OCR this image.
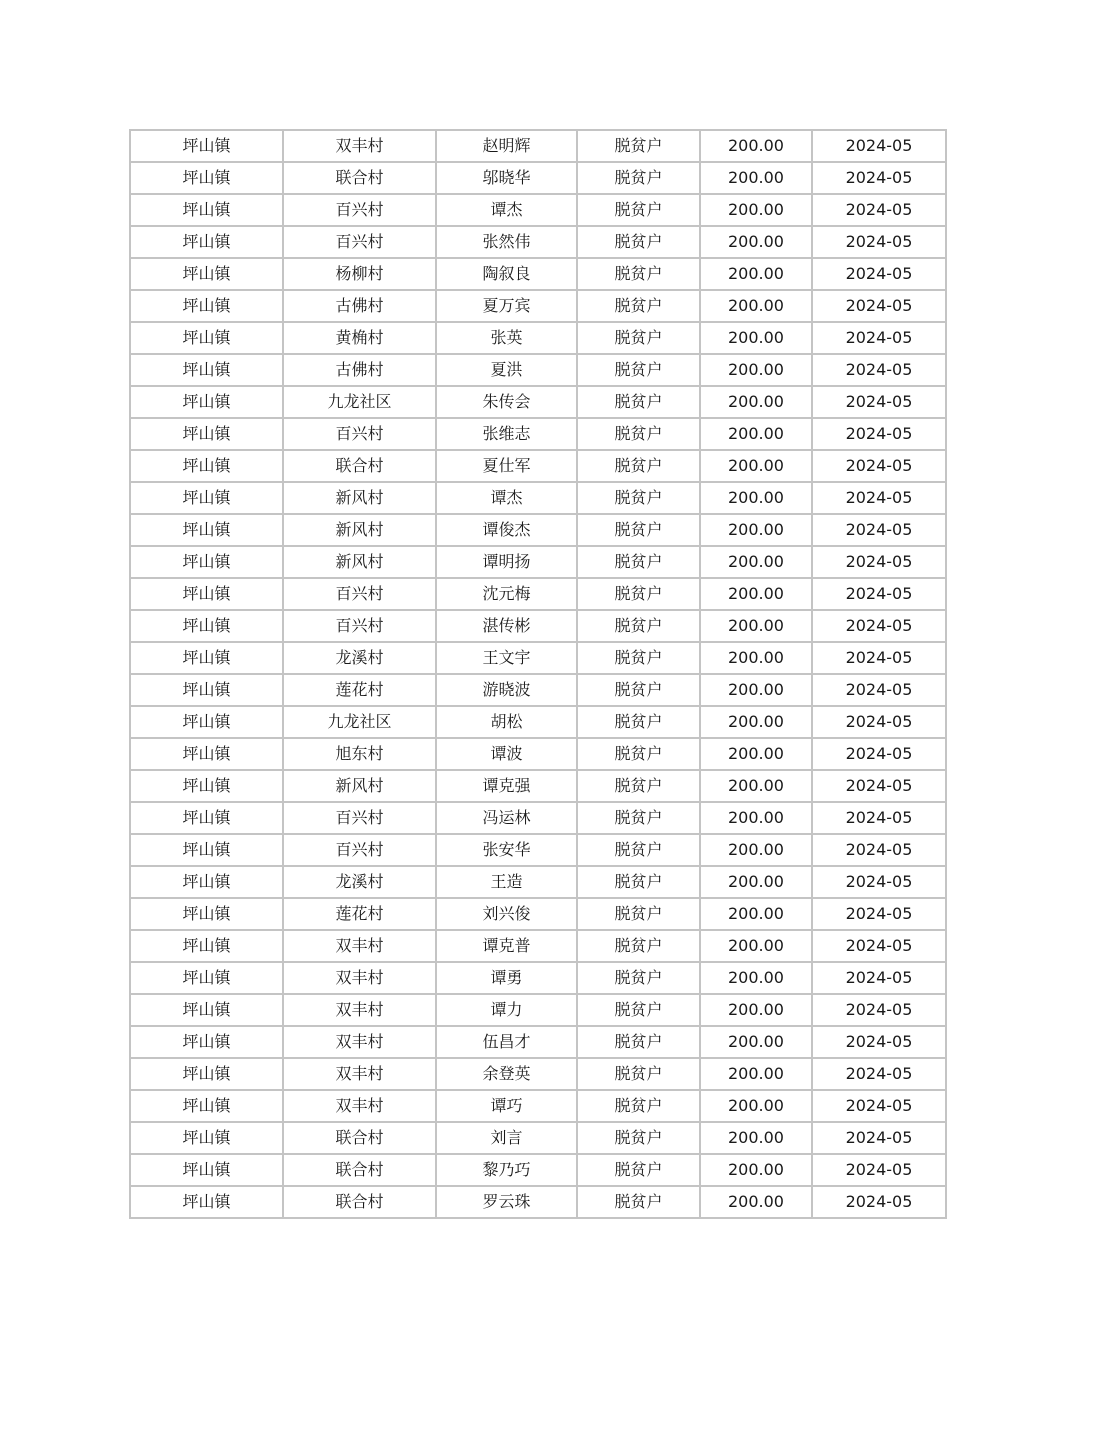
坪山镇	双丰村	赵明辉	脱贫户	200.00	2024-05
坪山镇	联合村	邬晓华	脱贫户	200.00	2024-05
坪山镇	百兴村	谭杰	脱贫户	200.00	2024-05
坪山镇	百兴村	张然伟	脱贫户	200.00	2024-05
坪山镇	杨柳村	陶叙良	脱贫户	200.00	2024-05
坪山镇	古佛村	夏万宾	脱贫户	200.00	2024-05
坪山镇	黄桷村	张英	脱贫户	200.00	2024-05
坪山镇	古佛村	夏洪	脱贫户	200.00	2024-05
坪山镇	九龙社区	朱传会	脱贫户	200.00	2024-05
坪山镇	百兴村	张维志	脱贫户	200.00	2024-05
坪山镇	联合村	夏仕军	脱贫户	200.00	2024-05
坪山镇	新风村	谭杰	脱贫户	200.00	2024-05
坪山镇	新风村	谭俊杰	脱贫户	200.00	2024-05
坪山镇	新风村	谭明扬	脱贫户	200.00	2024-05
坪山镇	百兴村	沈元梅	脱贫户	200.00	2024-05
坪山镇	百兴村	湛传彬	脱贫户	200.00	2024-05
坪山镇	龙溪村	王文宇	脱贫户	200.00	2024-05
坪山镇	莲花村	游晓波	脱贫户	200.00	2024-05
坪山镇	九龙社区	胡松	脱贫户	200.00	2024-05
坪山镇	旭东村	谭波	脱贫户	200.00	2024-05
坪山镇	新风村	谭克强	脱贫户	200.00	2024-05
坪山镇	百兴村	冯运林	脱贫户	200.00	2024-05
坪山镇	百兴村	张安华	脱贫户	200.00	2024-05
坪山镇	龙溪村	王造	脱贫户	200.00	2024-05
坪山镇	莲花村	刘兴俊	脱贫户	200.00	2024-05
坪山镇	双丰村	谭克普	脱贫户	200.00	2024-05
坪山镇	双丰村	谭勇	脱贫户	200.00	2024-05
坪山镇	双丰村	谭力	脱贫户	200.00	2024-05
坪山镇	双丰村	伍昌才	脱贫户	200.00	2024-05
坪山镇	双丰村	余登英	脱贫户	200.00	2024-05
坪山镇	双丰村	谭巧	脱贫户	200.00	2024-05
坪山镇	联合村	刘言	脱贫户	200.00	2024-05
坪山镇	联合村	黎乃巧	脱贫户	200.00	2024-05
坪山镇	联合村	罗云珠	脱贫户	200.00	2024-05
